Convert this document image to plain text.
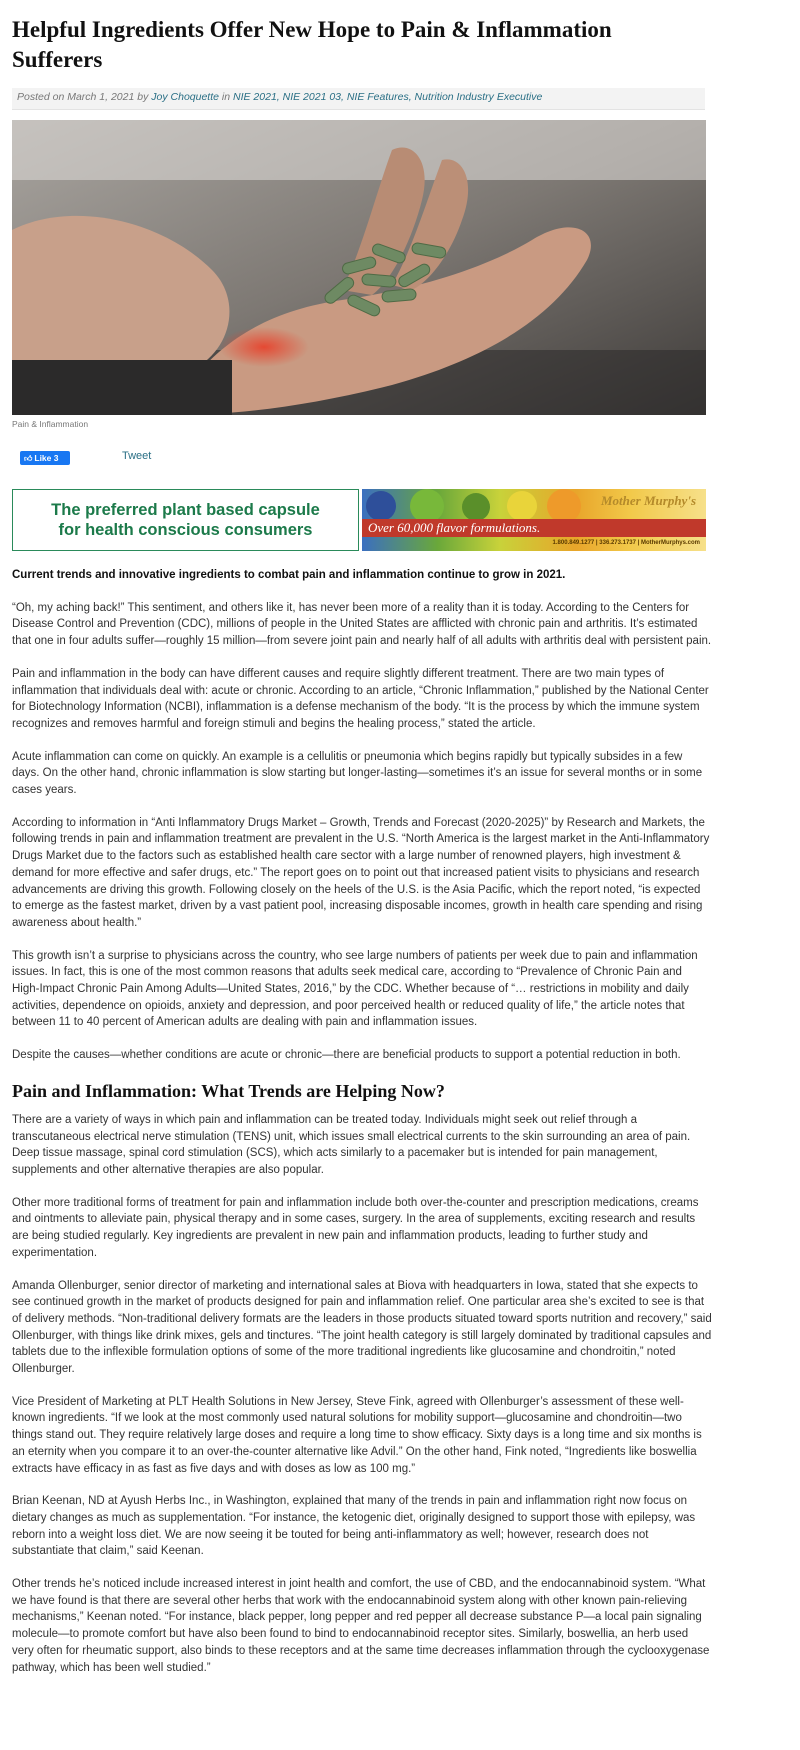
Helpful Ingredients Offer New Hope to Pain & Inflammation Sufferers
Posted on March 1, 2021 by Joy Choquette in NIE 2021, NIE 2021 03, NIE Features, Nutrition Industry Executive
Pain & Inflammation
👍︎ Like 3	Tweet
The preferred plant based capsule
for health conscious consumers
Mother Murphy's
Over 60,000 flavor formulations.
1.800.849.1277 | 336.273.1737 | MotherMurphys.com

Current trends and innovative ingredients to combat pain and inflammation continue to grow in 2021.

“Oh, my aching back!” This sentiment, and others like it, has never been more of a reality than it is today. According to the Centers for Disease Control and Prevention (CDC), millions of people in the United States are afflicted with chronic pain and arthritis. It’s estimated that one in four adults suffer—roughly 15 million—from severe joint pain and nearly half of all adults with arthritis deal with persistent pain.

Pain and inflammation in the body can have different causes and require slightly different treatment. There are two main types of inflammation that individuals deal with: acute or chronic. According to an article, “Chronic Inflammation,” published by the National Center for Biotechnology Information (NCBI), inflammation is a defense mechanism of the body. “It is the process by which the immune system recognizes and removes harmful and foreign stimuli and begins the healing process,” stated the article.

Acute inflammation can come on quickly. An example is a cellulitis or pneumonia which begins rapidly but typically subsides in a few days. On the other hand, chronic inflammation is slow starting but longer-lasting—sometimes it’s an issue for several months or in some cases years.

According to information in “Anti Inflammatory Drugs Market – Growth, Trends and Forecast (2020-2025)” by Research and Markets, the following trends in pain and inflammation treatment are prevalent in the U.S. “North America is the largest market in the Anti-Inflammatory Drugs Market due to the factors such as established health care sector with a large number of renowned players, high investment & demand for more effective and safer drugs, etc.” The report goes on to point out that increased patient visits to physicians and research advancements are driving this growth. Following closely on the heels of the U.S. is the Asia Pacific, which the report noted, “is expected to emerge as the fastest market, driven by a vast patient pool, increasing disposable incomes, growth in health care spending and rising awareness about health.”

This growth isn’t a surprise to physicians across the country, who see large numbers of patients per week due to pain and inflammation issues. In fact, this is one of the most common reasons that adults seek medical care, according to “Prevalence of Chronic Pain and High-Impact Chronic Pain Among Adults—United States, 2016,” by the CDC. Whether because of “… restrictions in mobility and daily activities, dependence on opioids, anxiety and depression, and poor perceived health or reduced quality of life,” the article notes that between 11 to 40 percent of American adults are dealing with pain and inflammation issues.

Despite the causes—whether conditions are acute or chronic—there are beneficial products to support a potential reduction in both.

Pain and Inflammation: What Trends are Helping Now?

There are a variety of ways in which pain and inflammation can be treated today. Individuals might seek out relief through a transcutaneous electrical nerve stimulation (TENS) unit, which issues small electrical currents to the skin surrounding an area of pain. Deep tissue massage, spinal cord stimulation (SCS), which acts similarly to a pacemaker but is intended for pain management, supplements and other alternative therapies are also popular.

Other more traditional forms of treatment for pain and inflammation include both over-the-counter and prescription medications, creams and ointments to alleviate pain, physical therapy and in some cases, surgery. In the area of supplements, exciting research and results are being studied regularly. Key ingredients are prevalent in new pain and inflammation products, leading to further study and experimentation.

Amanda Ollenburger, senior director of marketing and international sales at Biova with headquarters in Iowa, stated that she expects to see continued growth in the market of products designed for pain and inflammation relief. One particular area she’s excited to see is that of delivery methods. “Non-traditional delivery formats are the leaders in those products situated toward sports nutrition and recovery,” said Ollenburger, with things like drink mixes, gels and tinctures. “The joint health category is still largely dominated by traditional capsules and tablets due to the inflexible formulation options of some of the more traditional ingredients like glucosamine and chondroitin,” noted Ollenburger.

Vice President of Marketing at PLT Health Solutions in New Jersey, Steve Fink, agreed with Ollenburger’s assessment of these well-known ingredients. “If we look at the most commonly used natural solutions for mobility support—glucosamine and chondroitin—two things stand out. They require relatively large doses and require a long time to show efficacy. Sixty days is a long time and six months is an eternity when you compare it to an over-the-counter alternative like Advil.” On the other hand, Fink noted, “Ingredients like boswellia extracts have efficacy in as fast as five days and with doses as low as 100 mg.”

Brian Keenan, ND at Ayush Herbs Inc., in Washington, explained that many of the trends in pain and inflammation right now focus on dietary changes as much as supplementation. “For instance, the ketogenic diet, originally designed to support those with epilepsy, was reborn into a weight loss diet. We are now seeing it be touted for being anti-inflammatory as well; however, research does not substantiate that claim,” said Keenan.

Other trends he’s noticed include increased interest in joint health and comfort, the use of CBD, and the endocannabinoid system. “What we have found is that there are several other herbs that work with the endocannabinoid system along with other known pain-relieving mechanisms,” Keenan noted. “For instance, black pepper, long pepper and red pepper all decrease substance P—a local pain signaling molecule—to promote comfort but have also been found to bind to endocannabinoid receptor sites. Similarly, boswellia, an herb used very often for rheumatic support, also binds to these receptors and at the same time decreases inflammation through the cyclooxygenase pathway, which has been well studied.”
